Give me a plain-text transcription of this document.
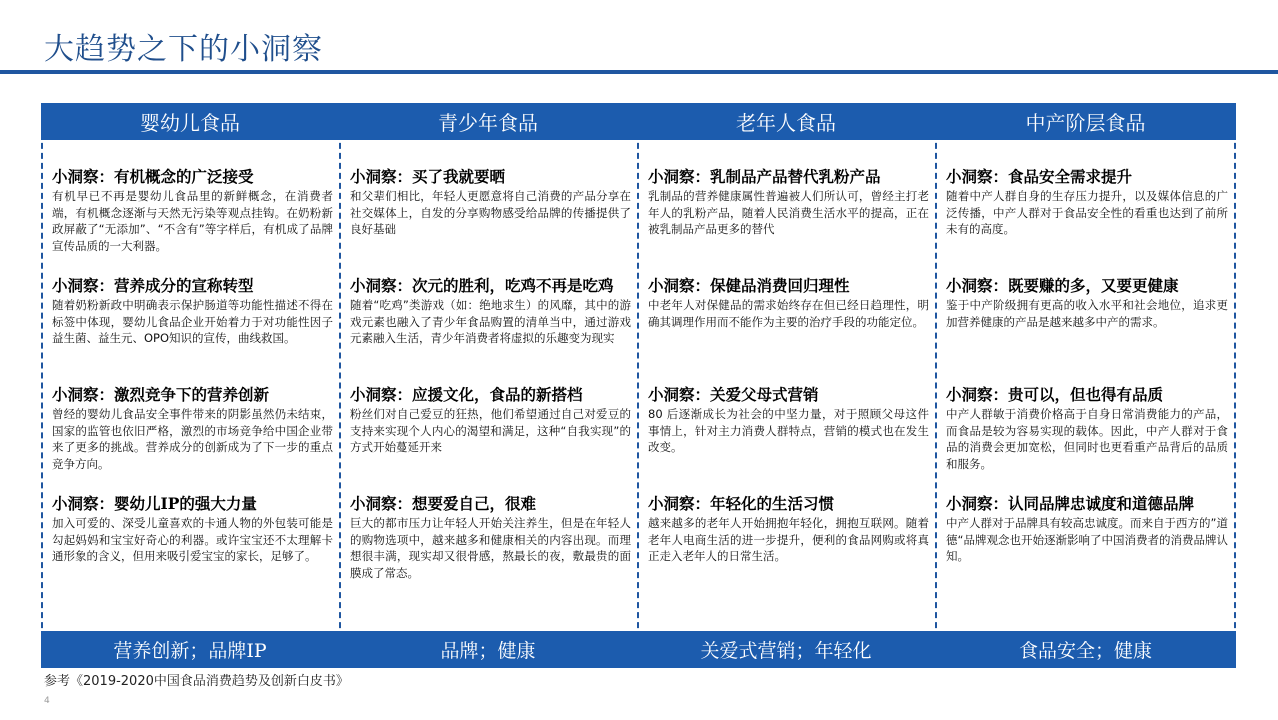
大趋势之下的小洞察
婴幼儿食品
小洞察：有机概念的广泛接受
有机早已不再是婴幼儿食品里的新鲜概念，在消费者端，有机概念逐渐与天然无污染等观点挂钩。在奶粉新政屏蔽了“无添加”、“不含有”等字样后，有机成了品牌宣传品质的一大利器。
小洞察：营养成分的宣称转型
随着奶粉新政中明确表示保护肠道等功能性描述不得在标签中体现，婴幼儿食品企业开始着力于对功能性因子益生菌、益生元、OPO知识的宣传，曲线救国。
小洞察：激烈竞争下的营养创新
曾经的婴幼儿食品安全事件带来的阴影虽然仍未结束，国家的监管也依旧严格，激烈的市场竞争给中国企业带来了更多的挑战。营养成分的创新成为了下一步的重点竞争方向。
小洞察：婴幼儿IP的强大力量
加入可爱的、深受儿童喜欢的卡通人物的外包装可能是勾起妈妈和宝宝好奇心的利器。或许宝宝还不太理解卡通形象的含义，但用来吸引爱宝宝的家长，足够了。
营养创新；品牌IP
青少年食品
小洞察：买了我就要晒
和父辈们相比，年轻人更愿意将自己消费的产品分享在社交媒体上，自发的分享购物感受给品牌的传播提供了良好基础
小洞察：次元的胜利，吃鸡不再是吃鸡
随着“吃鸡”类游戏（如：绝地求生）的风靡，其中的游戏元素也融入了青少年食品购置的清单当中，通过游戏元素融入生活，青少年消费者将虚拟的乐趣变为现实
小洞察：应援文化，食品的新搭档
粉丝们对自己爱豆的狂热，他们希望通过自己对爱豆的支持来实现个人内心的渴望和满足，这种“自我实现”的方式开始蔓延开来
小洞察：想要爱自己，很难
巨大的都市压力让年轻人开始关注养生，但是在年轻人的购物选项中，越来越多和健康相关的内容出现。而理想很丰满，现实却又很骨感，熬最长的夜，敷最贵的面膜成了常态。
品牌；健康
老年人食品
小洞察：乳制品产品替代乳粉产品
乳制品的营养健康属性普遍被人们所认可，曾经主打老年人的乳粉产品，随着人民消费生活水平的提高，正在被乳制品产品更多的替代
小洞察：保健品消费回归理性
中老年人对保健品的需求始终存在但已经日趋理性，明确其调理作用而不能作为主要的治疗手段的功能定位。
小洞察：关爱父母式营销
80 后逐渐成长为社会的中坚力量，对于照顾父母这件事情上，针对主力消费人群特点，营销的模式也在发生改变。
小洞察：年轻化的生活习惯
越来越多的老年人开始拥抱年轻化，拥抱互联网。随着老年人电商生活的进一步提升，便利的食品网购或将真正走入老年人的日常生活。
关爱式营销；年轻化
中产阶层食品
小洞察：食品安全需求提升
随着中产人群自身的生存压力提升，以及媒体信息的广泛传播，中产人群对于食品安全性的看重也达到了前所未有的高度。
小洞察：既要赚的多，又要更健康
鉴于中产阶级拥有更高的收入水平和社会地位，追求更加营养健康的产品是越来越多中产的需求。
小洞察：贵可以，但也得有品质
中产人群敏于消费价格高于自身日常消费能力的产品，而食品是较为容易实现的载体。因此，中产人群对于食品的消费会更加宽松，但同时也更看重产品背后的品质和服务。
小洞察：认同品牌忠诚度和道德品牌
中产人群对于品牌具有较高忠诚度。而来自于西方的”道德“品牌观念也开始逐渐影响了中国消费者的消费品牌认知。
食品安全；健康
参考《2019-2020中国食品消费趋势及创新白皮书》
4
